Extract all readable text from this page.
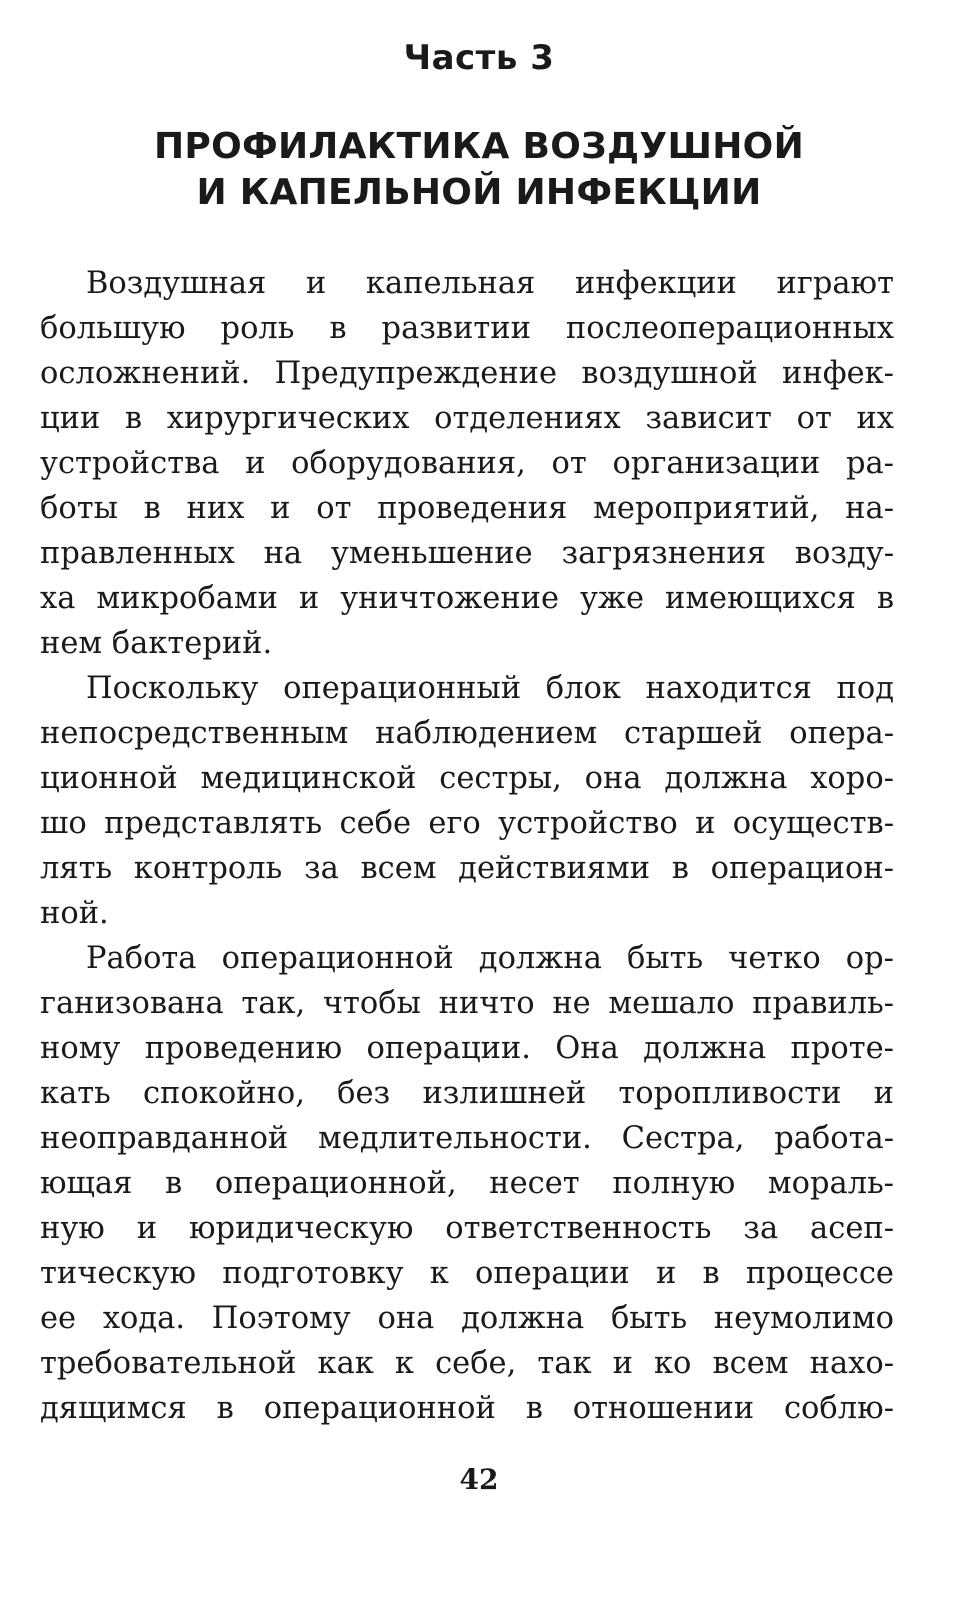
Часть 3
ПРОФИЛАКТИКА ВОЗДУШНОЙ
И КАПЕЛЬНОЙ ИНФЕКЦИИ
Воздушная и капельная инфекции играют
большую роль в развитии послеоперационных
осложнений. Предупреждение воздушной инфек-
ции в хирургических отделениях зависит от их
устройства и оборудования, от организации ра-
боты в них и от проведения мероприятий, на-
правленных на уменьшение загрязнения возду-
ха микробами и уничтожение уже имеющихся в
нем бактерий.
Поскольку операционный блок находится под
непосредственным наблюдением старшей опера-
ционной медицинской сестры, она должна хоро-
шо представлять себе его устройство и осуществ-
лять контроль за всем действиями в операцион-
ной.
Работа операционной должна быть четко ор-
ганизована так, чтобы ничто не мешало правиль-
ному проведению операции. Она должна проте-
кать спокойно, без излишней торопливости и
неоправданной медлительности. Сестра, работа-
ющая в операционной, несет полную мораль-
ную и юридическую ответственность за асеп-
тическую подготовку к операции и в процессе
ее хода. Поэтому она должна быть неумолимо
требовательной как к себе, так и ко всем нахо-
дящимся в операционной в отношении соблю-
42
